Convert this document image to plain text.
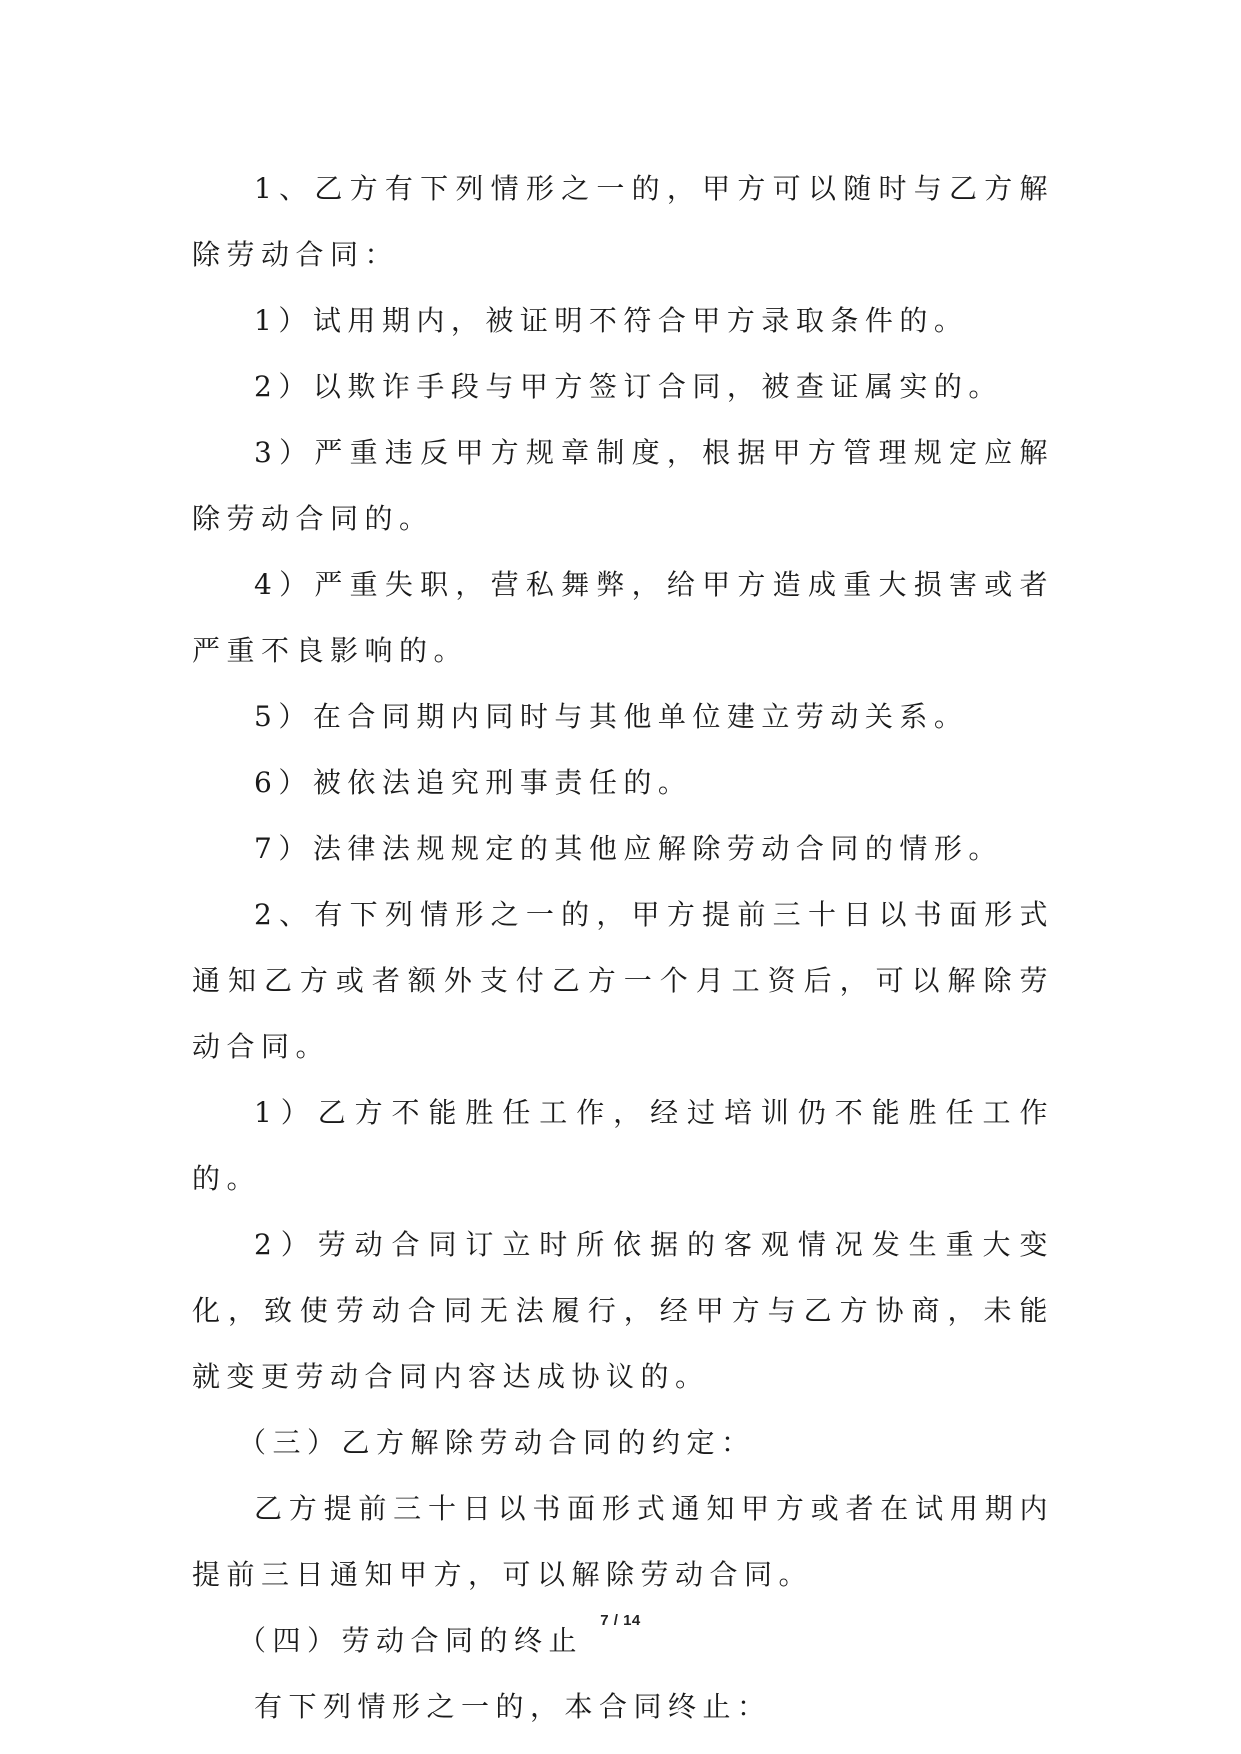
1、乙方有下列情形之一的，甲方可以随时与乙方解除劳动合同：

1）试用期内，被证明不符合甲方录取条件的。

2）以欺诈手段与甲方签订合同，被查证属实的。

3）严重违反甲方规章制度，根据甲方管理规定应解除劳动合同的。

4）严重失职，营私舞弊，给甲方造成重大损害或者严重不良影响的。

5）在合同期内同时与其他单位建立劳动关系。

6）被依法追究刑事责任的。

7）法律法规规定的其他应解除劳动合同的情形。

2、有下列情形之一的，甲方提前三十日以书面形式通知乙方或者额外支付乙方一个月工资后，可以解除劳动合同。

1）乙方不能胜任工作，经过培训仍不能胜任工作的。

2）劳动合同订立时所依据的客观情况发生重大变化，致使劳动合同无法履行，经甲方与乙方协商，未能就变更劳动合同内容达成协议的。

（三）乙方解除劳动合同的约定：

乙方提前三十日以书面形式通知甲方或者在试用期内提前三日通知甲方，可以解除劳动合同。

（四）劳动合同的终止

有下列情形之一的，本合同终止：

7 / 14
